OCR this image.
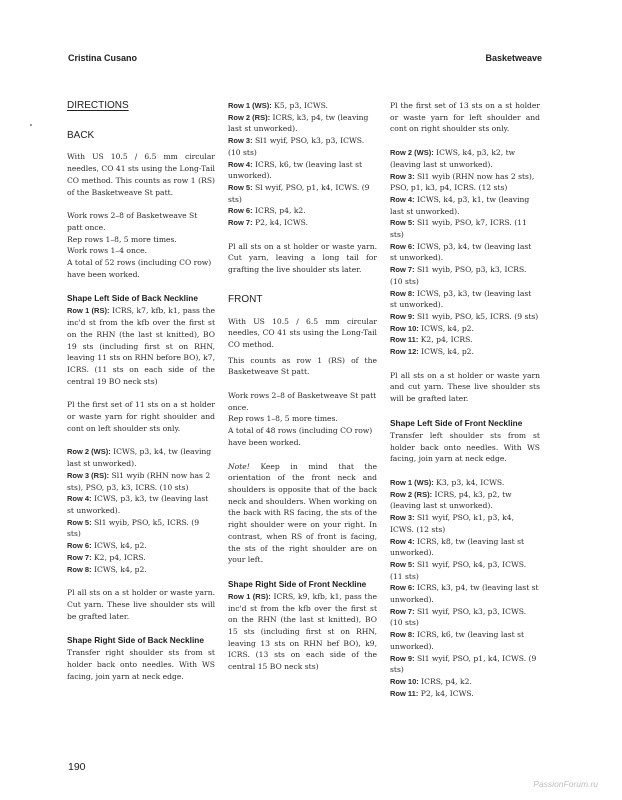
Cristina Cusano	Basketweave
DIRECTIONS
BACK
With US 10.5 / 6.5 mm circular needles, CO 41 sts using the Long-Tail CO method. This counts as row 1 (RS) of the Basketweave St patt.
Work rows 2–8 of Basketweave St patt once.
Rep rows 1–8, 5 more times.
Work rows 1–4 once.
A total of 52 rows (including CO row) have been worked.
Shape Left Side of Back Neckline
Row 1 (RS): ICRS, k7, kfb, k1, pass the inc'd st from the kfb over the first st on the RHN (the last st knitted), BO 19 sts (including first st on RHN, leaving 11 sts on RHN before BO), k7, ICRS. (11 sts on each side of the central 19 BO neck sts)
Pl the first set of 11 sts on a st holder or waste yarn for right shoulder and cont on left shoulder sts only.
Row 2 (WS): ICWS, p3, k4, tw (leaving last st unworked).
Row 3 (RS): Sl1 wyib (RHN now has 2 sts), PSO, p3, k3, ICRS. (10 sts)
Row 4: ICWS, p3, k3, tw (leaving last st unworked).
Row 5: Sl1 wyib, PSO, k5, ICRS. (9 sts)
Row 6: ICWS, k4, p2.
Row 7: K2, p4, ICRS.
Row 8: ICWS, k4, p2.
Pl all sts on a st holder or waste yarn. Cut yarn. These live shoulder sts will be grafted later.
Shape Right Side of Back Neckline
Transfer right shoulder sts from st holder back onto needles. With WS facing, join yarn at neck edge.
Row 1 (WS): K5, p3, ICWS.
Row 2 (RS): ICRS, k3, p4, tw (leaving last st unworked).
Row 3: Sl1 wyif, PSO, k3, p3, ICWS. (10 sts)
Row 4: ICRS, k6, tw (leaving last st unworked).
Row 5: Sl wyif, PSO, p1, k4, ICWS. (9 sts)
Row 6: ICRS, p4, k2.
Row 7: P2, k4, ICWS.
Pl all sts on a st holder or waste yarn. Cut yarn, leaving a long tail for grafting the live shoulder sts later.
FRONT
With US 10.5 / 6.5 mm circular needles, CO 41 sts using the Long-Tail CO method.
This counts as row 1 (RS) of the Basketweave St patt.
Work rows 2–8 of Basketweave St patt once.
Rep rows 1–8, 5 more times.
A total of 48 rows (including CO row) have been worked.
Note! Keep in mind that the orientation of the front neck and shoulders is opposite that of the back neck and shoulders. When working on the back with RS facing, the sts of the right shoulder were on your right. In contrast, when RS of front is facing, the sts of the right shoulder are on your left.
Shape Right Side of Front Neckline
Row 1 (RS): ICRS, k9, kfb, k1, pass the inc'd st from the kfb over the first st on the RHN (the last st knitted), BO 15 sts (including first st on RHN, leaving 13 sts on RHN bef BO), k9, ICRS. (13 sts on each side of the central 15 BO neck sts)
Pl the first set of 13 sts on a st holder or waste yarn for left shoulder and cont on right shoulder sts only.
Row 2 (WS): ICWS, k4, p3, k2, tw (leaving last st unworked).
Row 3: Sl1 wyib (RHN now has 2 sts), PSO, p1, k3, p4, ICRS. (12 sts)
Row 4: ICWS, k4, p3, k1, tw (leaving last st unworked).
Row 5: Sl1 wyib, PSO, k7, ICRS. (11 sts)
Row 6: ICWS, p3, k4, tw (leaving last st unworked).
Row 7: Sl1 wyib, PSO, p3, k3, ICRS. (10 sts)
Row 8: ICWS, p3, k3, tw (leaving last st unworked).
Row 9: Sl1 wyib, PSO, k5, ICRS. (9 sts)
Row 10: ICWS, k4, p2.
Row 11: K2, p4, ICRS.
Row 12: ICWS, k4, p2.
Pl all sts on a st holder or waste yarn and cut yarn. These live shoulder sts will be grafted later.
Shape Left Side of Front Neckline
Transfer left shoulder sts from st holder back onto needles. With WS facing, join yarn at neck edge.
Row 1 (WS): K3, p3, k4, ICWS.
Row 2 (RS): ICRS, p4, k3, p2, tw (leaving last st unworked).
Row 3: Sl1 wyif, PSO, k1, p3, k4, ICWS. (12 sts)
Row 4: ICRS, k8, tw (leaving last st unworked).
Row 5: Sl1 wyif, PSO, k4, p3, ICWS. (11 sts)
Row 6: ICRS, k3, p4, tw (leaving last st unworked).
Row 7: Sl1 wyif, PSO, k3, p3, ICWS. (10 sts)
Row 8: ICRS, k6, tw (leaving last st unworked).
Row 9: Sl1 wyif, PSO, p1, k4, ICWS. (9 sts)
Row 10: ICRS, p4, k2.
Row 11: P2, k4, ICWS.
190
PassionForum.ru
